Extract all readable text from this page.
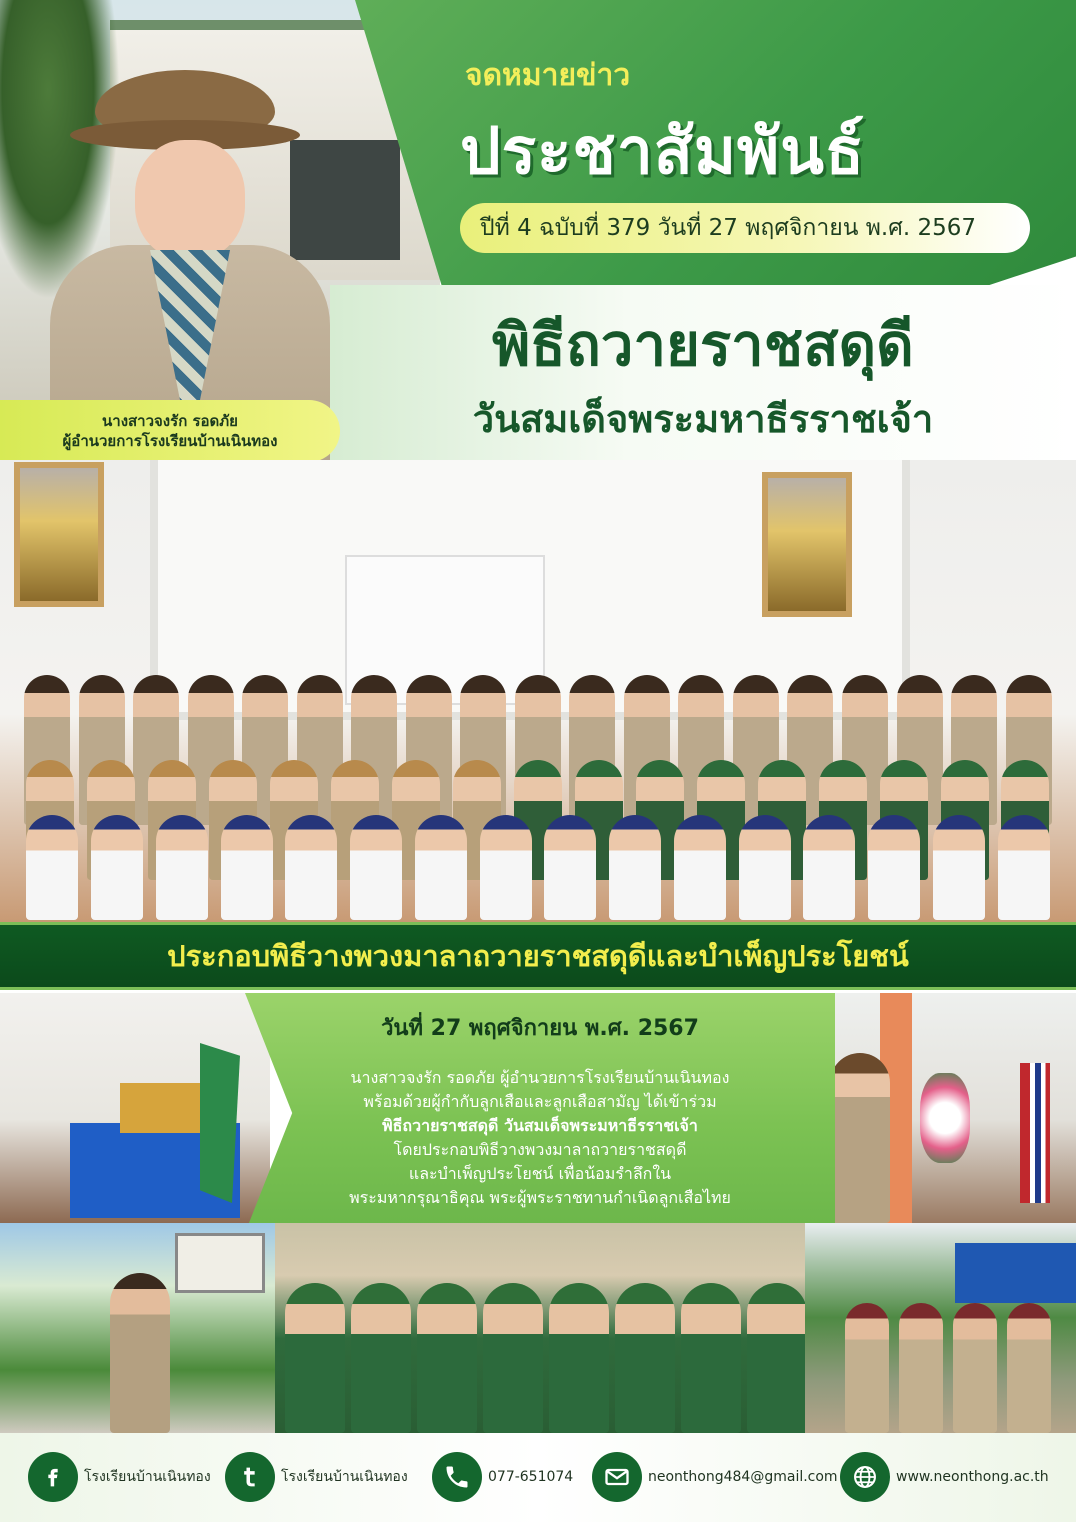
จดหมายข่าว
ประชาสัมพันธ์
ปีที่ 4 ฉบับที่ 379 วันที่ 27 พฤศจิกายน พ.ศ. 2567
พิธีถวายราชสดุดี
วันสมเด็จพระมหาธีรราชเจ้า
นางสาวจงรัก รอดภัย
ผู้อำนวยการโรงเรียนบ้านเนินทอง
ประกอบพิธีวางพวงมาลาถวายราชสดุดีและบำเพ็ญประโยชน์
วันที่ 27 พฤศจิกายน พ.ศ. 2567
นางสาวจงรัก รอดภัย ผู้อำนวยการโรงเรียนบ้านเนินทอง
พร้อมด้วยผู้กำกับลูกเสือและลูกเสือสามัญ ได้เข้าร่วม
พิธีถวายราชสดุดี วันสมเด็จพระมหาธีรราชเจ้า
โดยประกอบพิธีวางพวงมาลาถวายราชสดุดี
และบำเพ็ญประโยชน์ เพื่อน้อมรำลึกใน
พระมหากรุณาธิคุณ พระผู้พระราชทานกำเนิดลูกเสือไทย
โรงเรียนบ้านเนินทอง	โรงเรียนบ้านเนินทอง	077-651074	neonthong484@gmail.com	www.neonthong.ac.th
